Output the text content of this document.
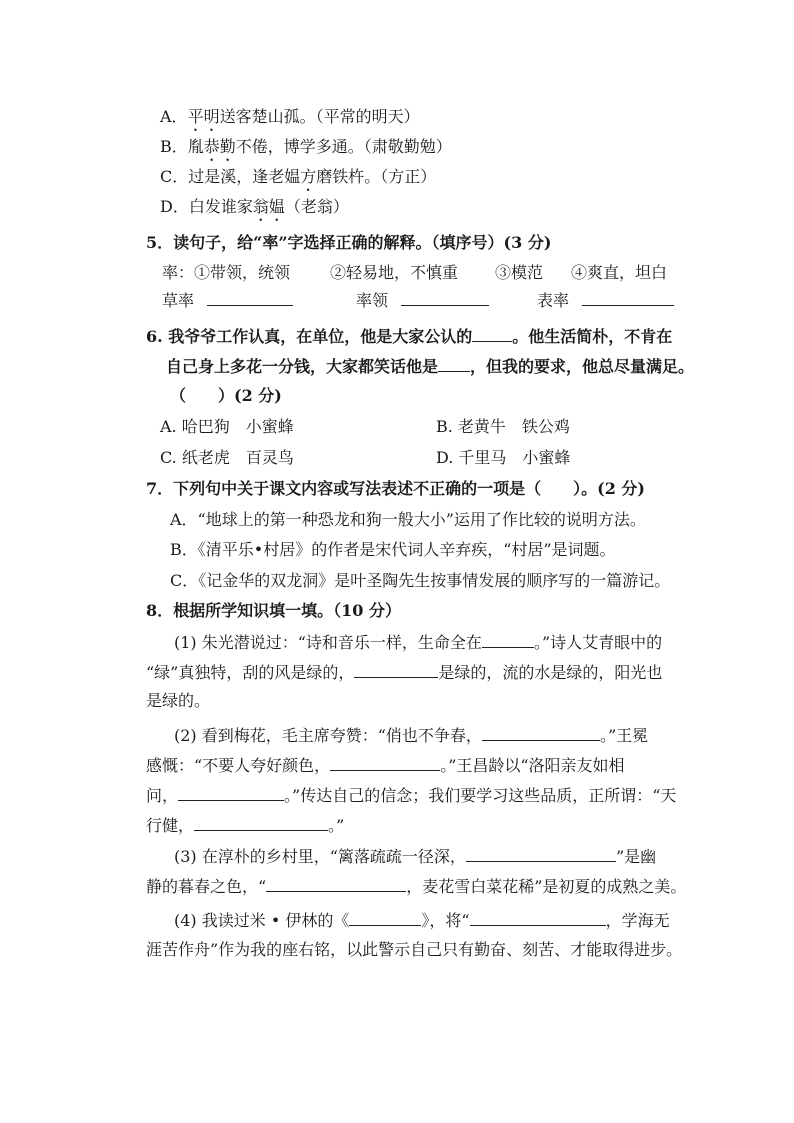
A．平明送客楚山孤。（平常的明天）
B．胤恭勤不倦，博学多通。（肃敬勤勉）
C．过是溪，逢老媪方磨铁杵。（方正）
D．白发谁家翁媪（老翁）
5．读句子，给“率”字选择正确的解释。（填序号）(3 分)
率：①带领，统领 ②轻易地，不慎重 ③模范 ④爽直，坦白
草率	率领	表率
6. 我爷爷工作认真，在单位，他是大家公认的	。他生活简朴，不肯在
自己身上多花一分钱，大家都笑话他是 ，但我的要求，他总尽量满足。
（　　）(2 分)
A. 哈巴狗　小蜜蜂	B. 老黄牛　铁公鸡
C. 纸老虎　百灵鸟	D. 千里马　小蜜蜂
7．下列句中关于课文内容或写法表述不正确的一项是（　　）。(2 分)
A．“地球上的第一种恐龙和狗一般大小”运用了作比较的说明方法。
B．《清平乐•村居》的作者是宋代词人辛弃疾，“村居”是词题。
C．《记金华的双龙洞》是叶圣陶先生按事情发展的顺序写的一篇游记。
8．根据所学知识填一填。（10 分）
(1) 朱光潜说过：“诗和音乐一样，生命全在	。”诗人艾青眼中的
“绿”真独特，刮的风是绿的，	是绿的，流的水是绿的，阳光也
是绿的。
(2) 看到梅花，毛主席夸赞：“俏也不争春，	。”王冕
感慨：“不要人夸好颜色，	。”王昌龄以“洛阳亲友如相
问，	。”传达自己的信念；我们要学习这些品质，正所谓：“天
行健，	。”
(3) 在淳朴的乡村里，“篱落疏疏一径深，	”是幽
静的暮春之色，“	，麦花雪白菜花稀”是初夏的成熟之美。
(4) 我读过米 • 伊林的《	》，将“	，学海无
涯苦作舟”作为我的座右铭，以此警示自己只有勤奋、刻苦、才能取得进步。
